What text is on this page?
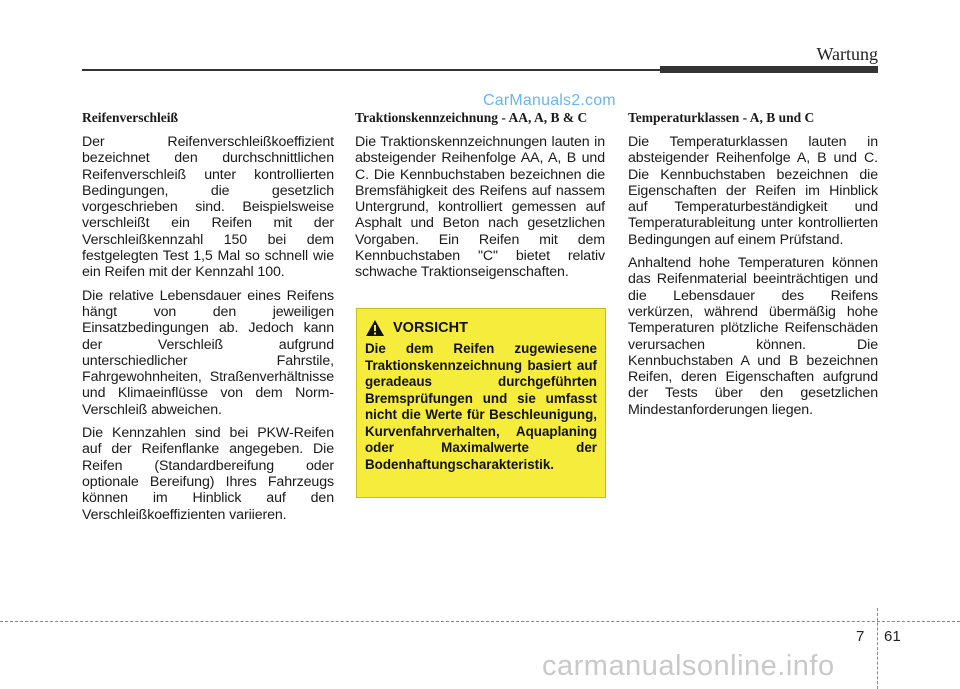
Wartung
CarManuals2.com
Reifenverschleiß

Der Reifenverschleißkoeffizient bezeichnet den durchschnittlichen Reifenverschleiß unter kontrollierten Bedingungen, die gesetzlich vorgeschrieben sind. Beispielsweise verschleißt ein Reifen mit der Verschleißkennzahl 150 bei dem festgelegten Test 1,5 Mal so schnell wie ein Reifen mit der Kennzahl 100.

Die relative Lebensdauer eines Reifens hängt von den jeweiligen Einsatzbedingungen ab. Jedoch kann der Verschleiß aufgrund unterschiedlicher Fahrstile, Fahrgewohnheiten, Straßenverhältnisse und Klimaeinflüsse von dem Norm-Verschleiß abweichen.

Die Kennzahlen sind bei PKW-Reifen auf der Reifenflanke angegeben. Die Reifen (Standardbereifung oder optionale Bereifung) Ihres Fahrzeugs können im Hinblick auf den Verschleißkoeffizienten variieren.

Traktionskennzeichnung - AA, A, B & C

Die Traktionskennzeichnungen lauten in absteigender Reihenfolge AA, A, B und C. Die Kennbuchstaben bezeichnen die Bremsfähigkeit des Reifens auf nassem Untergrund, kontrolliert gemessen auf Asphalt und Beton nach gesetzlichen Vorgaben. Ein Reifen mit dem Kennbuchstaben "C" bietet relativ schwache Traktionseigenschaften.

VORSICHT

Die dem Reifen zugewiesene Traktionskennzeichnung basiert auf geradeaus durchgeführten Bremsprüfungen und sie umfasst nicht die Werte für Beschleunigung, Kurvenfahrverhalten, Aquaplaning oder Maximalwerte der Bodenhaftungscharakteristik.

Temperaturklassen - A, B und C

Die Temperaturklassen lauten in absteigender Reihenfolge A, B und C. Die Kennbuchstaben bezeichnen die Eigenschaften der Reifen im Hinblick auf Temperaturbeständigkeit und Temperaturableitung unter kontrollierten Bedingungen auf einem Prüfstand.

Anhaltend hohe Temperaturen können das Reifenmaterial beeinträchtigen und die Lebensdauer des Reifens verkürzen, während übermäßig hohe Temperaturen plötzliche Reifenschäden verursachen können. Die Kennbuchstaben A und B bezeichnen Reifen, deren Eigenschaften aufgrund der Tests über den gesetzlichen Mindestanforderungen liegen.

7 61
carmanualsonline.info
